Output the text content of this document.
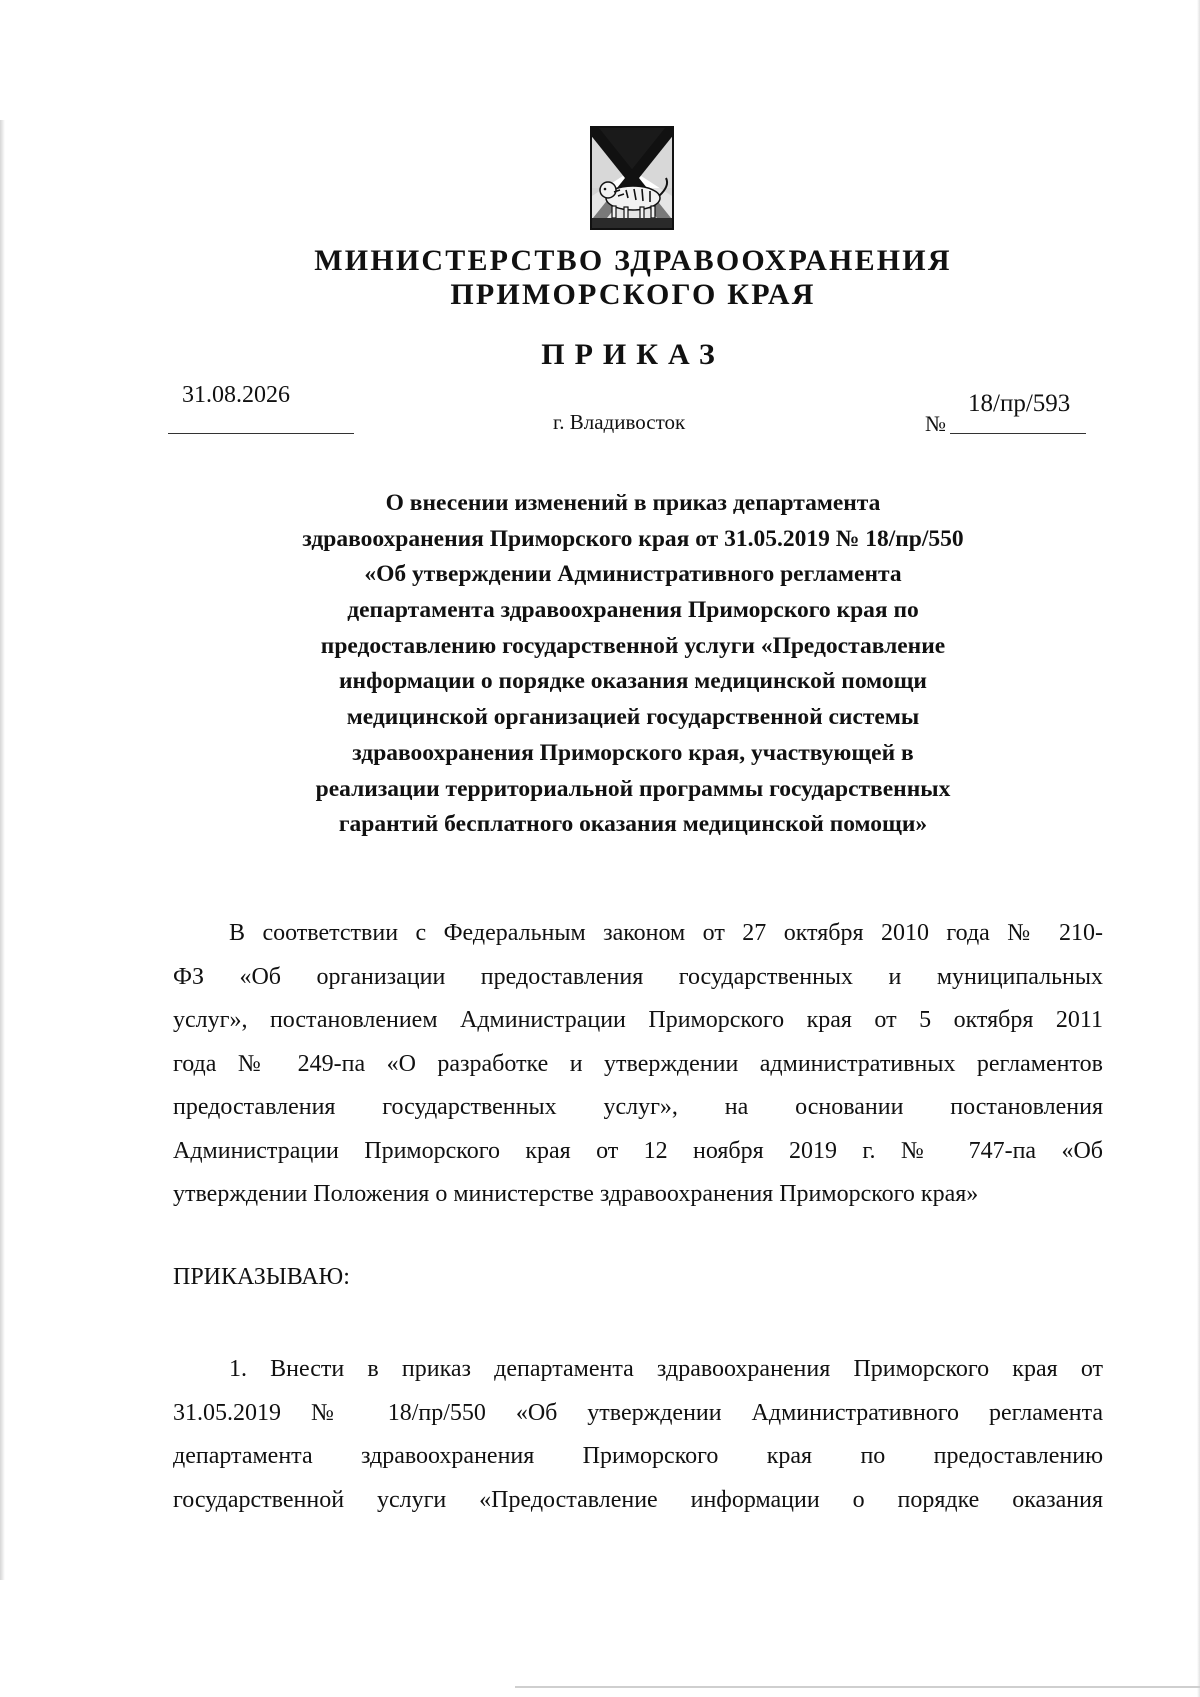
МИНИСТЕРСТВО ЗДРАВООХРАНЕНИЯ
ПРИМОРСКОГО КРАЯ
ПРИКАЗ
31.08.2026
г. Владивосток	№
18/пр/593
О внесении изменений в приказ департамента
здравоохранения Приморского края от 31.05.2019 № 18/пр/550
«Об утверждении Административного регламента
департамента здравоохранения Приморского края по
предоставлению государственной услуги «Предоставление
информации о порядке оказания медицинской помощи
медицинской организацией государственной системы
здравоохранения Приморского края, участвующей в
реализации территориальной программы государственных
гарантий бесплатного оказания медицинской помощи»
В соответствии с Федеральным законом от 27 октября 2010 года № 210-
ФЗ «Об организации предоставления государственных и муниципальных
услуг», постановлением Администрации Приморского края от 5 октября 2011
года № 249-па «О разработке и утверждении административных регламентов
предоставления государственных услуг», на основании постановления
Администрации Приморского края от 12 ноября 2019 г. № 747-па «Об
утверждении Положения о министерстве здравоохранения Приморского края»
ПРИКАЗЫВАЮ:
1. Внести в приказ департамента здравоохранения Приморского края от
31.05.2019 № 18/пр/550 «Об утверждении Административного регламента
департамента здравоохранения Приморского края по предоставлению
государственной услуги «Предоставление информации о порядке оказания
